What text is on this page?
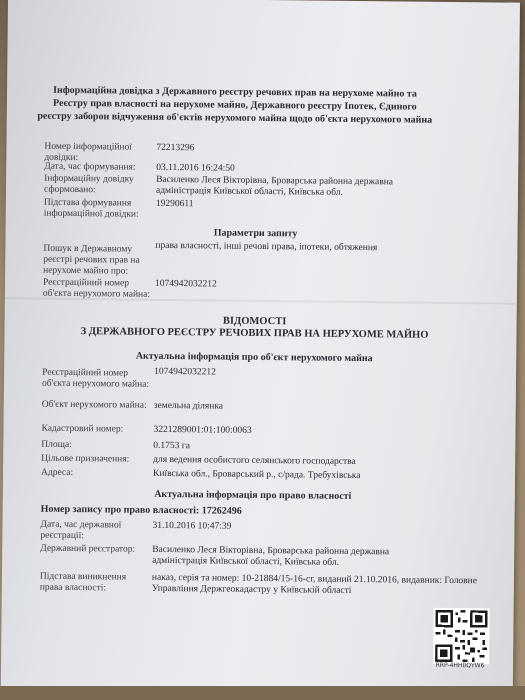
Інформаційна довідка з Державного реєстру речових прав на нерухоме майно та Реєстру прав власності на нерухоме майно, Державного реєстру Іпотек, Єдиного реєстру заборон відчуження об'єктів нерухомого майна щодо об'єкта нерухомого майна
Номер інформаційної довідки:
72213296
Дата, час формування:	03.11.2016 16:24:50
Інформаційну довідку сформовано:
Василенко Леся Вікторівна, Броварська районна державна адміністрація Київської області, Київська обл.
Підстава формування інформаційної довідки:
19290611
Параметри запиту
Пошук в Державному реєстрі речових прав на нерухоме майно про:
права власності, інші речові права, іпотеки, обтяження
Реєстраційний номер об'єкта нерухомого майна:
1074942032212
ВІДОМОСТІ
З ДЕРЖАВНОГО РЕЄСТРУ РЕЧОВИХ ПРАВ НА НЕРУХОМЕ МАЙНО
Актуальна інформація про об'єкт нерухомого майна
Реєстраційний номер об'єкта нерухомого майна:
1074942032212
Об'єкт нерухомого майна: земельна ділянка
Кадастровий номер:	3221289001:01:100:0063
Площа:	0.1753 га
Цільове призначення:	для ведення особистого селянського господарства
Адреса:	Київська обл., Броварський р., с/рада. Требухівська
Актуальна інформація про право власності
Номер запису про право власності: 17262496
Дата, час державної реєстрації:
31.10.2016 10:47:39
Державний реєстратор:	Василенко Леся Вікторівна, Броварська районна державна адміністрація Київської області, Київська обл.
Підстава виникнення права власності:
наказ, серія та номер: 10-21884/15-16-сг, виданий 21.10.2016, видавник: Головне Управління Держгеокадастру у Київській області
RRP-4HH0QYW6
